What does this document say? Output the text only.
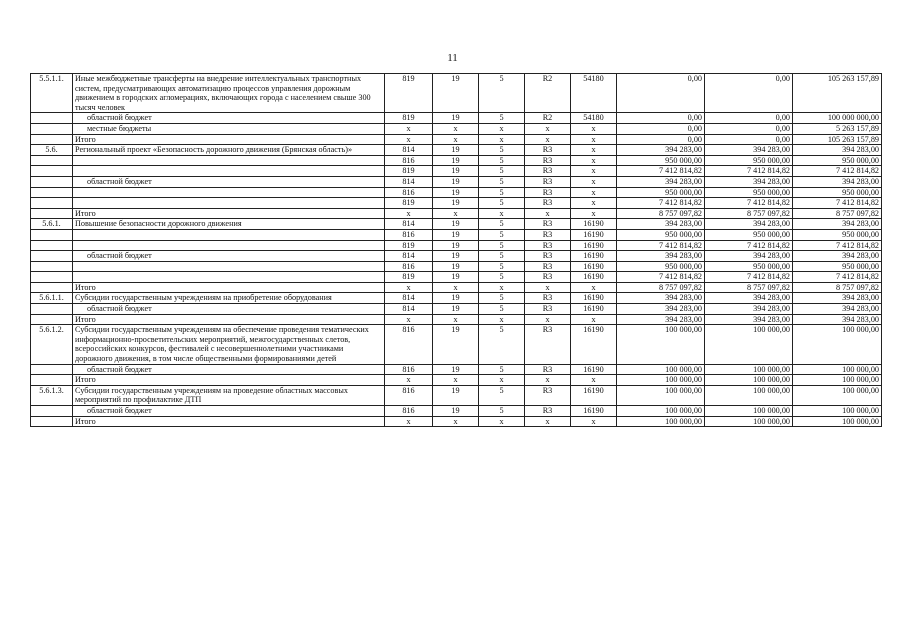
11
5.5.1.1.	Иные межбюджетные трансферты на внедрение интеллектуальных транспортных систем, предусматривающих автоматизацию процессов управления дорожным движением в городских агломерациях, включающих города с населением свыше 300 тысяч человек	819	19	5	R2	54180	0,00	0,00	105 263 157,89
	областной бюджет	819	19	5	R2	54180	0,00	0,00	100 000 000,00
	местные бюджеты	x	x	x	x	x	0,00	0,00	5 263 157,89
	Итого	x	x	x	x	x	0,00	0,00	105 263 157,89
5.6.	Региональный проект «Безопасность дорожного движения (Брянская область)»	814	19	5	R3	x	394 283,00	394 283,00	394 283,00
		816	19	5	R3	x	950 000,00	950 000,00	950 000,00
		819	19	5	R3	x	7 412 814,82	7 412 814,82	7 412 814,82
	областной бюджет	814	19	5	R3	x	394 283,00	394 283,00	394 283,00
		816	19	5	R3	x	950 000,00	950 000,00	950 000,00
		819	19	5	R3	x	7 412 814,82	7 412 814,82	7 412 814,82
	Итого	x	x	x	x	x	8 757 097,82	8 757 097,82	8 757 097,82
5.6.1.	Повышение безопасности дорожного движения	814	19	5	R3	16190	394 283,00	394 283,00	394 283,00
		816	19	5	R3	16190	950 000,00	950 000,00	950 000,00
		819	19	5	R3	16190	7 412 814,82	7 412 814,82	7 412 814,82
	областной бюджет	814	19	5	R3	16190	394 283,00	394 283,00	394 283,00
		816	19	5	R3	16190	950 000,00	950 000,00	950 000,00
		819	19	5	R3	16190	7 412 814,82	7 412 814,82	7 412 814,82
	Итого	x	x	x	x	x	8 757 097,82	8 757 097,82	8 757 097,82
5.6.1.1.	Субсидии государственным учреждениям на приобретение оборудования	814	19	5	R3	16190	394 283,00	394 283,00	394 283,00
	областной бюджет	814	19	5	R3	16190	394 283,00	394 283,00	394 283,00
	Итого	x	x	x	x	x	394 283,00	394 283,00	394 283,00
5.6.1.2.	Субсидии государственным учреждениям на обеспечение проведения тематических информационно-просветительских мероприятий, межгосударственных слетов, всероссийских конкурсов, фестивалей с несовершеннолетними участниками дорожного движения, в том числе общественными формированиями детей	816	19	5	R3	16190	100 000,00	100 000,00	100 000,00
	областной бюджет	816	19	5	R3	16190	100 000,00	100 000,00	100 000,00
	Итого	x	x	x	x	x	100 000,00	100 000,00	100 000,00
5.6.1.3.	Субсидии государственным учреждениям на проведение областных массовых мероприятий по профилактике ДТП	816	19	5	R3	16190	100 000,00	100 000,00	100 000,00
	областной бюджет	816	19	5	R3	16190	100 000,00	100 000,00	100 000,00
	Итого	x	x	x	x	x	100 000,00	100 000,00	100 000,00
